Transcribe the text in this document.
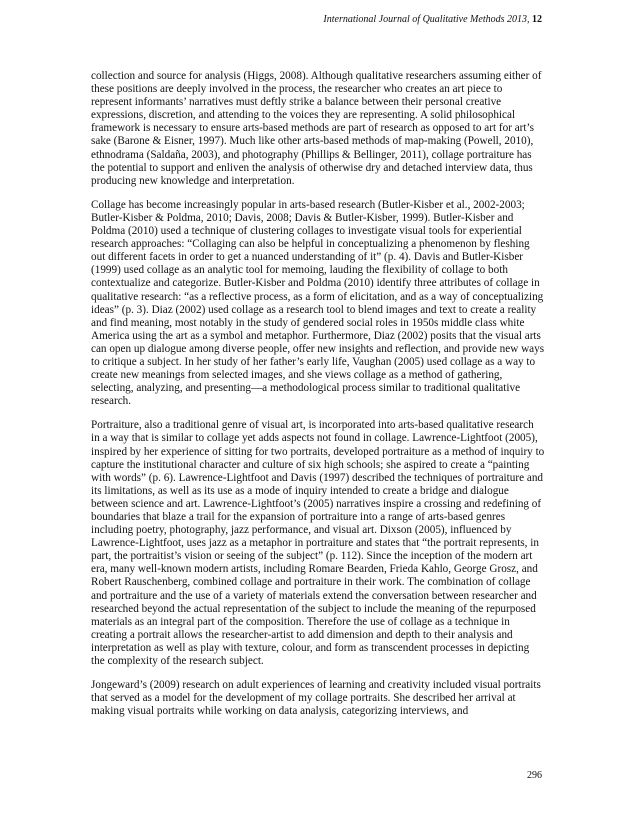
International Journal of Qualitative Methods 2013, 12

collection and source for analysis (Higgs, 2008). Although qualitative researchers assuming either of these positions are deeply involved in the process, the researcher who creates an art piece to represent informants’ narratives must deftly strike a balance between their personal creative expressions, discretion, and attending to the voices they are representing. A solid philosophical framework is necessary to ensure arts-based methods are part of research as opposed to art for art’s sake (Barone & Eisner, 1997). Much like other arts-based methods of map-making (Powell, 2010), ethnodrama (Saldaña, 2003), and photography (Phillips & Bellinger, 2011), collage portraiture has the potential to support and enliven the analysis of otherwise dry and detached interview data, thus producing new knowledge and interpretation.

Collage has become increasingly popular in arts-based research (Butler-Kisber et al., 2002-2003; Butler-Kisber & Poldma, 2010; Davis, 2008; Davis & Butler-Kisber, 1999). Butler-Kisber and Poldma (2010) used a technique of clustering collages to investigate visual tools for experiential research approaches: “Collaging can also be helpful in conceptualizing a phenomenon by fleshing out different facets in order to get a nuanced understanding of it” (p. 4). Davis and Butler-Kisber (1999) used collage as an analytic tool for memoing, lauding the flexibility of collage to both contextualize and categorize. Butler-Kisber and Poldma (2010) identify three attributes of collage in qualitative research: “as a reflective process, as a form of elicitation, and as a way of conceptualizing ideas” (p. 3). Diaz (2002) used collage as a research tool to blend images and text to create a reality and find meaning, most notably in the study of gendered social roles in 1950s middle class white America using the art as a symbol and metaphor. Furthermore, Diaz (2002) posits that the visual arts can open up dialogue among diverse people, offer new insights and reflection, and provide new ways to critique a subject. In her study of her father’s early life, Vaughan (2005) used collage as a way to create new meanings from selected images, and she views collage as a method of gathering, selecting, analyzing, and presenting—a methodological process similar to traditional qualitative research.

Portraiture, also a traditional genre of visual art, is incorporated into arts-based qualitative research in a way that is similar to collage yet adds aspects not found in collage. Lawrence-Lightfoot (2005), inspired by her experience of sitting for two portraits, developed portraiture as a method of inquiry to capture the institutional character and culture of six high schools; she aspired to create a “painting with words” (p. 6). Lawrence-Lightfoot and Davis (1997) described the techniques of portraiture and its limitations, as well as its use as a mode of inquiry intended to create a bridge and dialogue between science and art. Lawrence-Lightfoot’s (2005) narratives inspire a crossing and redefining of boundaries that blaze a trail for the expansion of portraiture into a range of arts-based genres including poetry, photography, jazz performance, and visual art. Dixson (2005), influenced by Lawrence-Lightfoot, uses jazz as a metaphor in portraiture and states that “the portrait represents, in part, the portraitist’s vision or seeing of the subject” (p. 112). Since the inception of the modern art era, many well-known modern artists, including Romare Bearden, Frieda Kahlo, George Grosz, and Robert Rauschenberg, combined collage and portraiture in their work. The combination of collage and portraiture and the use of a variety of materials extend the conversation between researcher and researched beyond the actual representation of the subject to include the meaning of the repurposed materials as an integral part of the composition. Therefore the use of collage as a technique in creating a portrait allows the researcher-artist to add dimension and depth to their analysis and interpretation as well as play with texture, colour, and form as transcendent processes in depicting the complexity of the research subject.

Jongeward’s (2009) research on adult experiences of learning and creativity included visual portraits that served as a model for the development of my collage portraits. She described her arrival at making visual portraits while working on data analysis, categorizing interviews, and

296
